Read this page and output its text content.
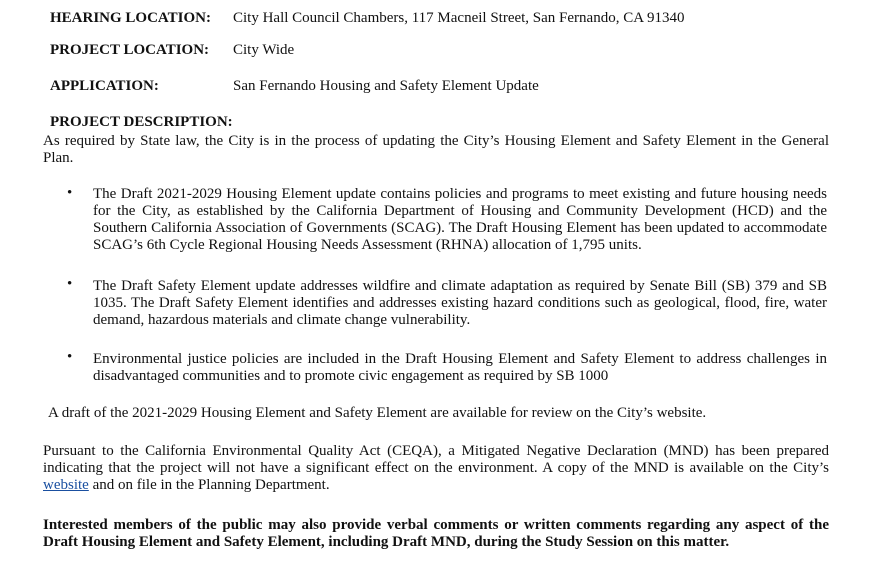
HEARING LOCATION: City Hall Council Chambers, 117 Macneil Street, San Fernando, CA 91340
PROJECT LOCATION: City Wide
APPLICATION:	San Fernando Housing and Safety Element Update
PROJECT DESCRIPTION:
As required by State law, the City is in the process of updating the City’s Housing Element and Safety Element in the General Plan.
• The Draft 2021-2029 Housing Element update contains policies and programs to meet existing and future housing needs for the City, as established by the California Department of Housing and Community Development (HCD) and the Southern California Association of Governments (SCAG). The Draft Housing Element has been updated to accommodate SCAG’s 6th Cycle Regional Housing Needs Assessment (RHNA) allocation of 1,795 units.
• The Draft Safety Element update addresses wildfire and climate adaptation as required by Senate Bill (SB) 379 and SB 1035. The Draft Safety Element identifies and addresses existing hazard conditions such as geological, flood, fire, water demand, hazardous materials and climate change vulnerability.
• Environmental justice policies are included in the Draft Housing Element and Safety Element to address challenges in disadvantaged communities and to promote civic engagement as required by SB 1000
A draft of the 2021-2029 Housing Element and Safety Element are available for review on the City’s website.
Pursuant to the California Environmental Quality Act (CEQA), a Mitigated Negative Declaration (MND) has been prepared indicating that the project will not have a significant effect on the environment. A copy of the MND is available on the City’s website and on file in the Planning Department.
Interested members of the public may also provide verbal comments or written comments regarding any aspect of the Draft Housing Element and Safety Element, including Draft MND, during the Study Session on this matter.
